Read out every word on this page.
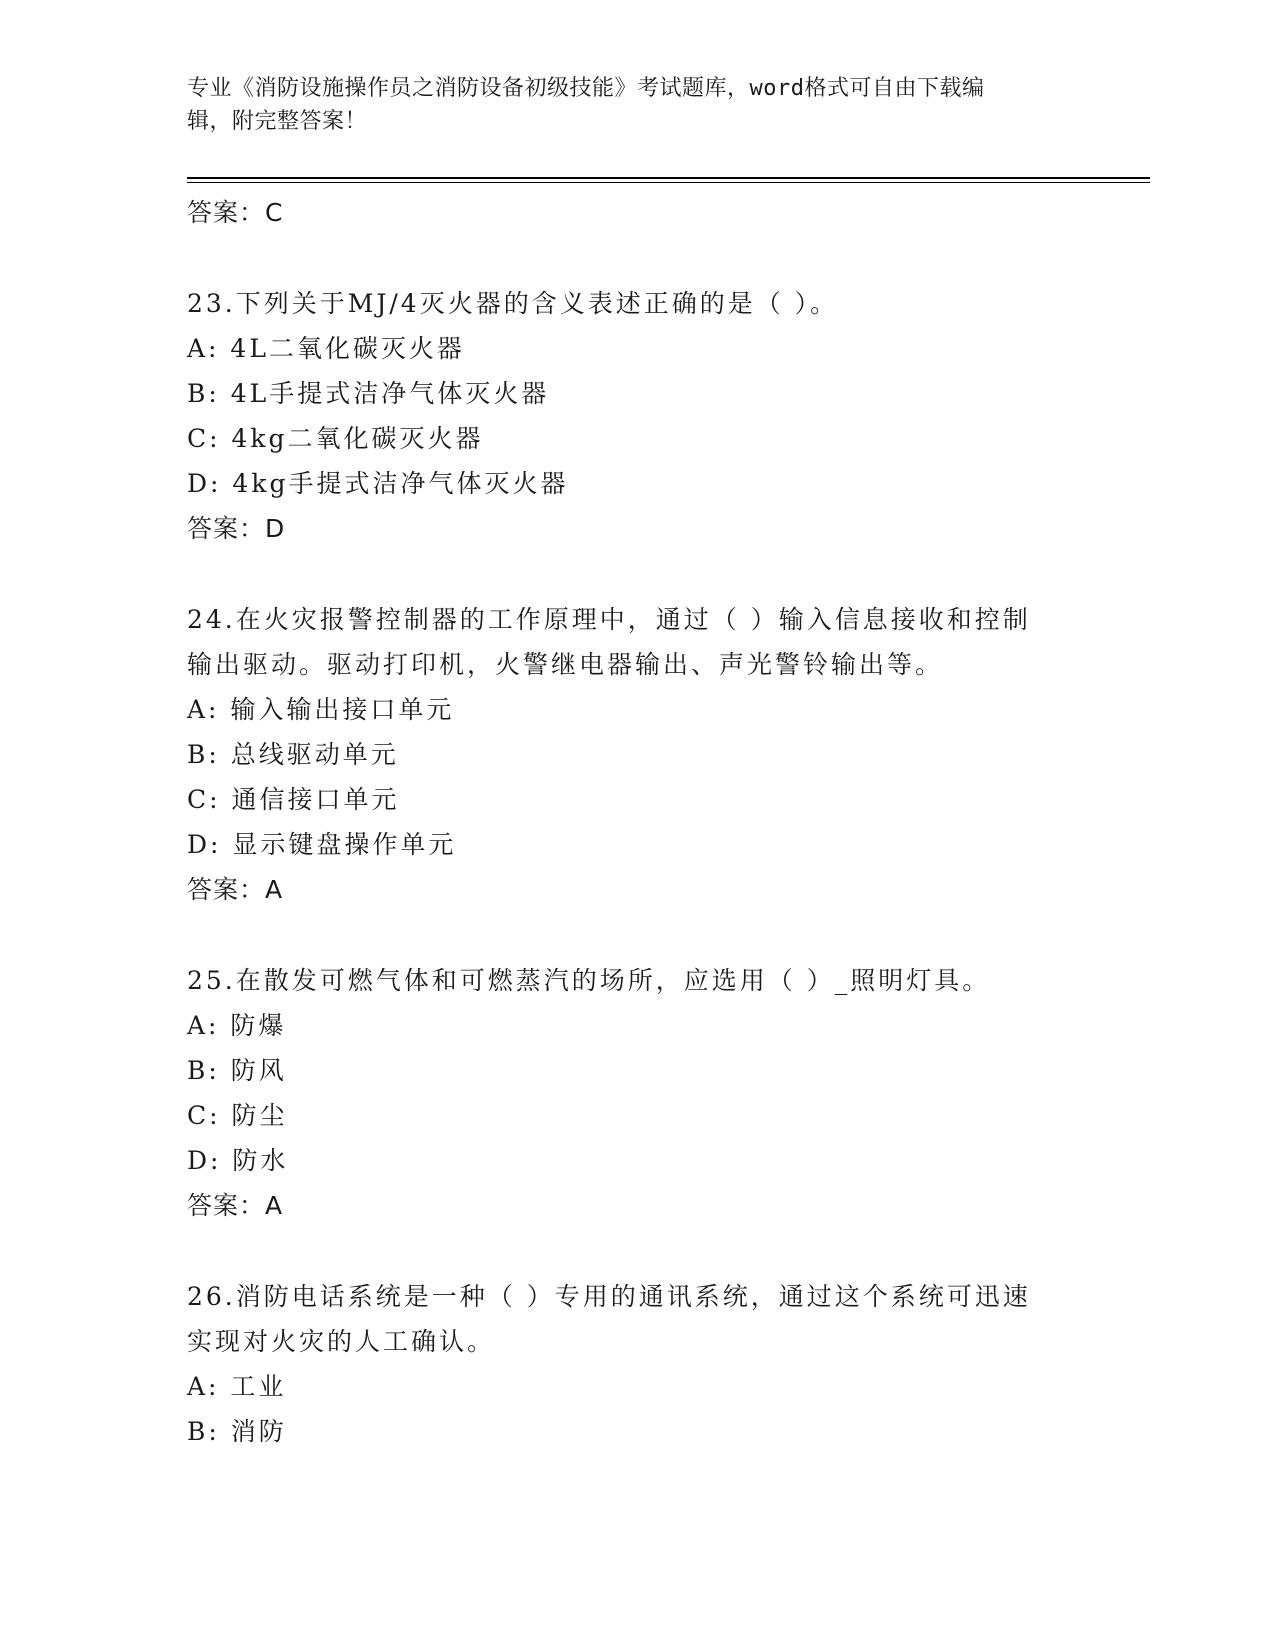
专业《消防设施操作员之消防设备初级技能》考试题库，word格式可自由下载编
辑，附完整答案！
答案：C
23.下列关于MJ/4灭火器的含义表述正确的是（ ）。
A: 4L二氧化碳灭火器
B: 4L手提式洁净气体灭火器
C: 4kg二氧化碳灭火器
D: 4kg手提式洁净气体灭火器
答案：D
24.在火灾报警控制器的工作原理中，通过（ ）输入信息接收和控制
输出驱动。驱动打印机，火警继电器输出、声光警铃输出等。
A: 输入输出接口单元
B: 总线驱动单元
C: 通信接口单元
D: 显示键盘操作单元
答案：A
25.在散发可燃气体和可燃蒸汽的场所，应选用（ ）_照明灯具。
A: 防爆
B: 防风
C: 防尘
D: 防水
答案：A
26.消防电话系统是一种（ ）专用的通讯系统，通过这个系统可迅速
实现对火灾的人工确认。
A: 工业
B: 消防
